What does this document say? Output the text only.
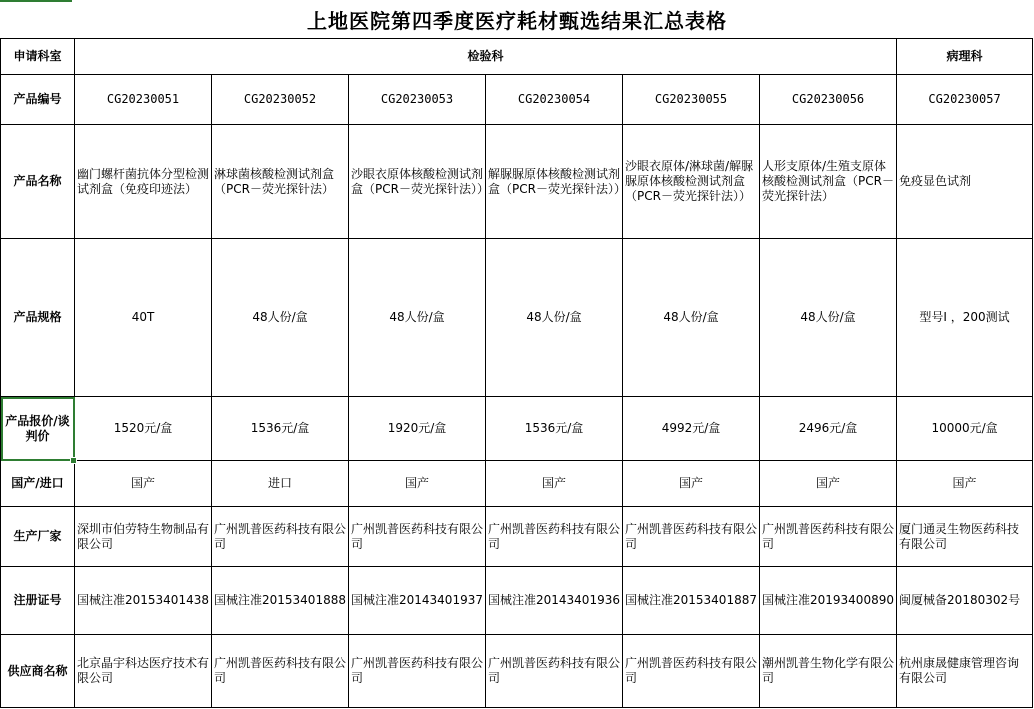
上地医院第四季度医疗耗材甄选结果汇总表格
申请科室	检验科						病理科
产品编号	CG20230051	CG20230052	CG20230053	CG20230054	CG20230055	CG20230056	CG20230057
产品名称	幽门螺杆菌抗体分型检测试剂盒（免疫印迹法）	淋球菌核酸检测试剂盒　　（PCR－荧光探针法）	沙眼衣原体核酸检测试剂盒（PCR－荧光探针法））	解脲脲原体核酸检测试剂盒（PCR－荧光探针法））	沙眼衣原体/淋球菌/解脲脲原体核酸检测试剂盒（PCR－荧光探针法））	人形支原体/生殖支原体核酸检测试剂盒（PCR－荧光探针法）	免疫显色试剂
产品规格	40T	48人份/盒	48人份/盒	48人份/盒	48人份/盒	48人份/盒	型号I ，200测试
产品报价/谈判价	1520元/盒	1536元/盒	1920元/盒	1536元/盒	4992元/盒	2496元/盒	10000元/盒
国产/进口	国产	进口	国产	国产	国产	国产	国产
生产厂家	深圳市伯劳特生物制品有限公司	广州凯普医药科技有限公司	广州凯普医药科技有限公司	广州凯普医药科技有限公司	广州凯普医药科技有限公司	广州凯普医药科技有限公司	厦门通灵生物医药科技有限公司
注册证号	国械注准20153401438	国械注准20153401888	国械注准20143401937	国械注准20143401936	国械注准20153401887	国械注准20193400890	闽厦械备20180302号
供应商名称	北京晶宇科达医疗技术有限公司	广州凯普医药科技有限公司	广州凯普医药科技有限公司	广州凯普医药科技有限公司	广州凯普医药科技有限公司	潮州凯普生物化学有限公司	杭州康晟健康管理咨询有限公司
